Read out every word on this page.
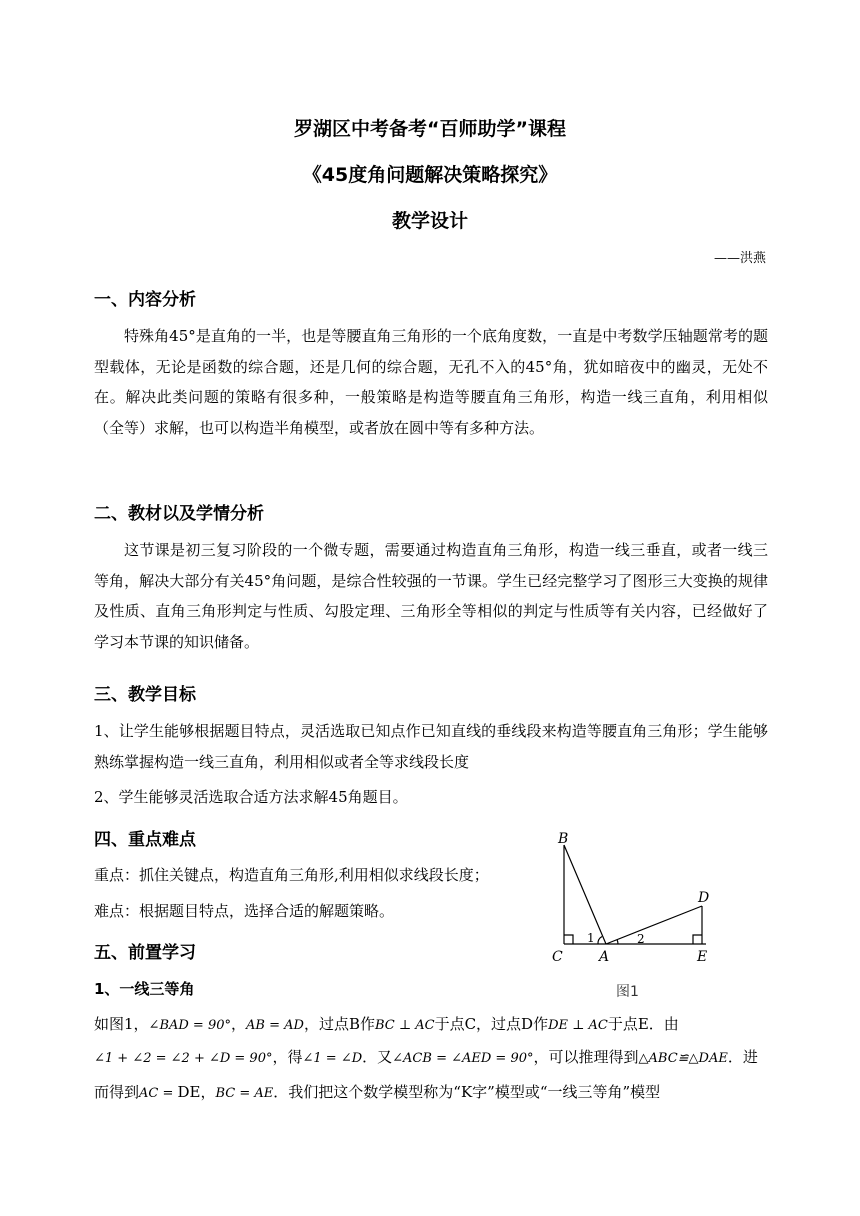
罗湖区中考备考“百师助学”课程
《45度角问题解决策略探究》
教学设计
——洪燕
一、内容分析
特殊角45°是直角的一半，也是等腰直角三角形的一个底角度数，一直是中考数学压轴题常考的题型载体，无论是函数的综合题，还是几何的综合题，无孔不入的45°角，犹如暗夜中的幽灵，无处不在。解决此类问题的策略有很多种，一般策略是构造等腰直角三角形，构造一线三直角，利用相似（全等）求解，也可以构造半角模型，或者放在圆中等有多种方法。
二、教材以及学情分析
这节课是初三复习阶段的一个微专题，需要通过构造直角三角形，构造一线三垂直，或者一线三等角，解决大部分有关45°角问题，是综合性较强的一节课。学生已经完整学习了图形三大变换的规律及性质、直角三角形判定与性质、勾股定理、三角形全等相似的判定与性质等有关内容，已经做好了学习本节课的知识储备。
三、教学目标
1、让学生能够根据题目特点，灵活选取已知点作已知直线的垂线段来构造等腰直角三角形；学生能够熟练掌握构造一线三直角，利用相似或者全等求线段长度
2、学生能够灵活选取合适方法求解45角题目。
四、重点难点
重点：抓住关键点，构造直角三角形,利用相似求线段长度；
难点：根据题目特点，选择合适的解题策略。
五、前置学习
1、一线三等角
如图1，∠BAD = 90°，AB = AD，过点B作BC ⊥ AC于点C，过点D作DE ⊥ AC于点E．由
∠1 + ∠2 = ∠2 + ∠D = 90°，得∠1 = ∠D．又∠ACB = ∠AED = 90°，可以推理得到△ABC≌△DAE．进
而得到AC = DE，BC = AE．我们把这个数学模型称为“K字”模型或“一线三等角”模型
B
C	A
D
E
1	2
图1
